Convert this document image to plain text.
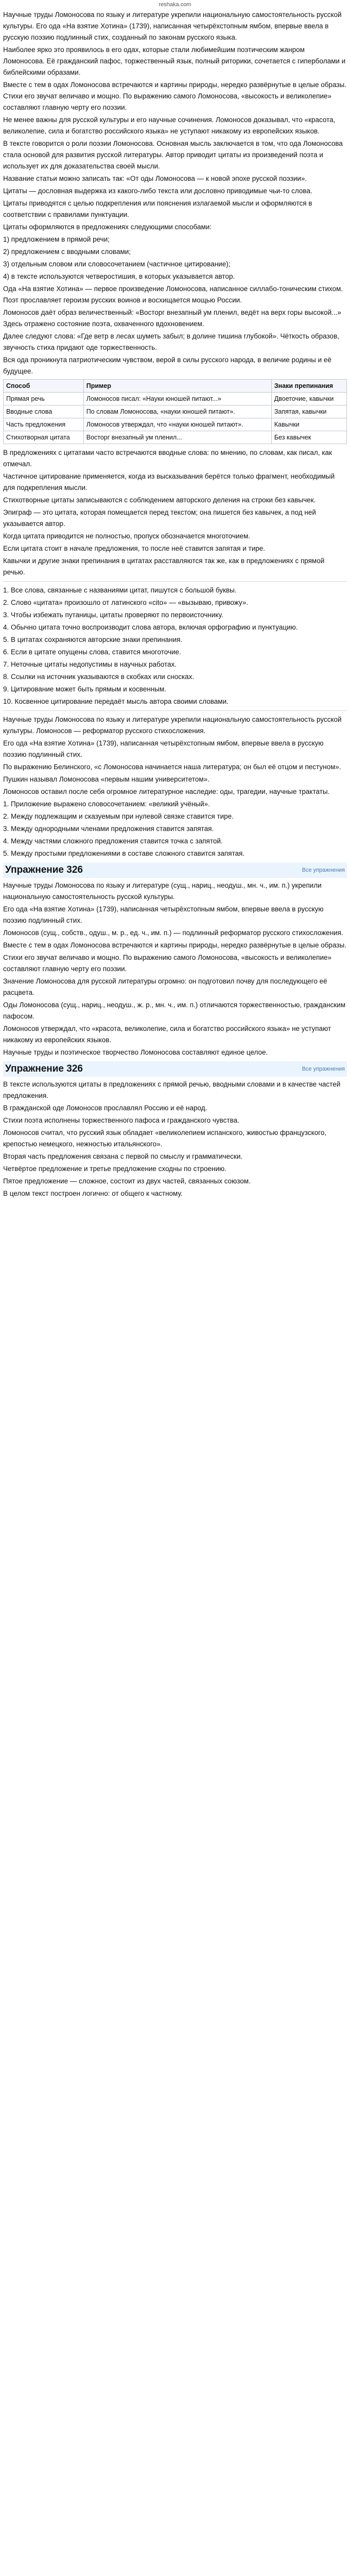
reshaka.com

Научные труды Ломоносова по языку и литературе укрепили национальную самостоятельность русской культуры. Его ода «На взятие Хотина» (1739), написанная четырёхстопным ямбом, впервые ввела в русскую поэзию подлинный стих, созданный по законам русского языка.

Наиболее ярко это проявилось в его одах, которые стали любимейшим поэтическим жанром Ломоносова. Её гражданский пафос, торжественный язык, полный риторики, сочетается с гиперболами и библейскими образами.

Вместе с тем в одах Ломоносова встречаются и картины природы, нередко развёрнутые в целые образы. Стихи его звучат величаво и мощно. По выражению самого Ломоносова, «высокость и великолепие» составляют главную черту его поэзии.

Не менее важны для русской культуры и его научные сочинения. Ломоносов доказывал, что «красота, великолепие, сила и богатство российского языка» не уступают никакому из европейских языков.

В тексте говорится о роли поэзии Ломоносова. Основная мысль заключается в том, что ода Ломоносова стала основой для развития русской литературы. Автор приводит цитаты из произведений поэта и использует их для доказательства своей мысли.

Название статьи можно записать так: «От оды Ломоносова — к новой эпохе русской поэзии».

Цитаты — дословная выдержка из какого-либо текста или дословно приводимые чьи-то слова.

Цитаты приводятся с целью подкрепления или пояснения излагаемой мысли и оформляются в соответствии с правилами пунктуации.

Цитаты оформляются в предложениях следующими способами:

1) предложением в прямой речи;

2) предложением с вводными словами;

3) отдельным словом или словосочетанием (частичное цитирование);

4) в тексте используются четверостишия, в которых указывается автор.

Ода «На взятие Хотина» — первое произведение Ломоносова, написанное силлабо-тоническим стихом. Поэт прославляет героизм русских воинов и восхищается мощью России.

Ломоносов даёт образ величественный: «Восторг внезапный ум пленил, ведёт на верх горы высокой...» Здесь отражено состояние поэта, охваченного вдохновением.

Далее следуют слова: «Где ветр в лесах шуметь забыл; в долине тишина глубокой». Чёткость образов, звучность стиха придают оде торжественность.

Вся ода проникнута патриотическим чувством, верой в силы русского народа, в величие родины и её будущее.

Способ	Пример	Знаки препинания
Прямая речь	Ломоносов писал: «Науки юношей питают...»	Двоеточие, кавычки
Вводные слова	По словам Ломоносова, «науки юношей питают».	Запятая, кавычки
Часть предложения	Ломоносов утверждал, что «науки юношей питают».	Кавычки
Стихотворная цитата	Восторг внезапный ум пленил...	Без кавычек

В предложениях с цитатами часто встречаются вводные слова: по мнению, по словам, как писал, как отмечал.

Частичное цитирование применяется, когда из высказывания берётся только фрагмент, необходимый для подкрепления мысли.

Стихотворные цитаты записываются с соблюдением авторского деления на строки без кавычек.

Эпиграф — это цитата, которая помещается перед текстом; она пишется без кавычек, а под ней указывается автор.

Когда цитата приводится не полностью, пропуск обозначается многоточием.

Если цитата стоит в начале предложения, то после неё ставится запятая и тире.

Кавычки и другие знаки препинания в цитатах расставляются так же, как в предложениях с прямой речью.

1. Все слова, связанные с названиями цитат, пишутся с большой буквы.

2. Слово «цитата» произошло от латинского «cito» — «вызываю, привожу».

3. Чтобы избежать путаницы, цитаты проверяют по первоисточнику.

4. Обычно цитата точно воспроизводит слова автора, включая орфографию и пунктуацию.

5. В цитатах сохраняются авторские знаки препинания.

6. Если в цитате опущены слова, ставится многоточие.

7. Неточные цитаты недопустимы в научных работах.

8. Ссылки на источник указываются в скобках или сносках.

9. Цитирование может быть прямым и косвенным.

10. Косвенное цитирование передаёт мысль автора своими словами.

Научные труды Ломоносова по языку и литературе укрепили национальную самостоятельность русской культуры. Ломоносов — реформатор русского стихосложения.

Его ода «На взятие Хотина» (1739), написанная четырёхстопным ямбом, впервые ввела в русскую поэзию подлинный стих.

По выражению Белинского, «с Ломоносова начинается наша литература; он был её отцом и пестуном».

Пушкин называл Ломоносова «первым нашим университетом».

Ломоносов оставил после себя огромное литературное наследие: оды, трагедии, научные трактаты.

1. Приложение выражено словосочетанием: «великий учёный».

2. Между подлежащим и сказуемым при нулевой связке ставится тире.

3. Между однородными членами предложения ставится запятая.

4. Между частями сложного предложения ставится точка с запятой.

5. Между простыми предложениями в составе сложного ставится запятая.

Упражнение 326	Все упражнения

Научные труды Ломоносова по языку и литературе (сущ., нариц., неодуш., мн. ч., им. п.) укрепили национальную самостоятельность русской культуры.

Его ода «На взятие Хотина» (1739), написанная четырёхстопным ямбом, впервые ввела в русскую поэзию подлинный стих.

Ломоносов (сущ., собств., одуш., м. р., ед. ч., им. п.) — подлинный реформатор русского стихосложения.

Вместе с тем в одах Ломоносова встречаются и картины природы, нередко развёрнутые в целые образы.

Стихи его звучат величаво и мощно. По выражению самого Ломоносова, «высокость и великолепие» составляют главную черту его поэзии.

Значение Ломоносова для русской литературы огромно: он подготовил почву для последующего её расцвета.

Оды Ломоносова (сущ., нариц., неодуш., ж. р., мн. ч., им. п.) отличаются торжественностью, гражданским пафосом.

Ломоносов утверждал, что «красота, великолепие, сила и богатство российского языка» не уступают никакому из европейских языков.

Научные труды и поэтическое творчество Ломоносова составляют единое целое.

Упражнение 326	Все упражнения

В тексте используются цитаты в предложениях с прямой речью, вводными словами и в качестве частей предложения.

В гражданской оде Ломоносов прославлял Россию и её народ.

Стихи поэта исполнены торжественного пафоса и гражданского чувства.

Ломоносов считал, что русский язык обладает «великолепием испанского, живостью французского, крепостью немецкого, нежностью итальянского».

Вторая часть предложения связана с первой по смыслу и грамматически.

Четвёртое предложение и третье предложение сходны по строению.

Пятое предложение — сложное, состоит из двух частей, связанных союзом.

В целом текст построен логично: от общего к частному.
